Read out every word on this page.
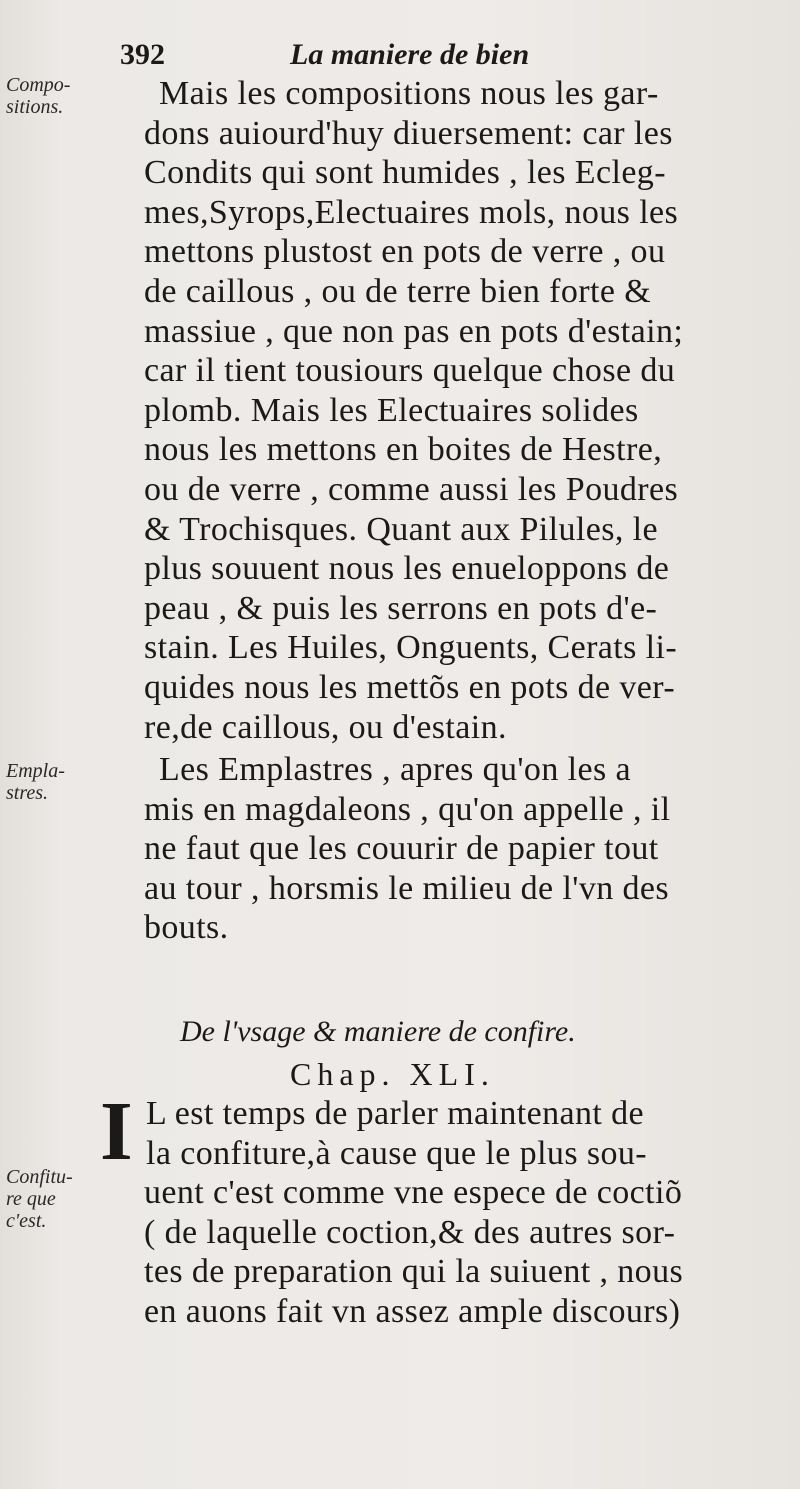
392	La maniere de bien
Compo-
sitions.
Empla-
stres.
Confitu-
re que
c'est.
Mais les compositions nous les gar-
dons auiourd'huy diuersement: car les
Condits qui sont humides , les Ecleg-
mes,Syrops,Electuaires mols, nous les
mettons plustost en pots de verre , ou
de caillous , ou de terre bien forte &
massiue , que non pas en pots d'estain;
car il tient tousiours quelque chose du
plomb. Mais les Electuaires solides
nous les mettons en boites de Hestre,
ou de verre , comme aussi les Poudres
& Trochisques. Quant aux Pilules, le
plus souuent nous les enueloppons de
peau , & puis les serrons en pots d'e-
stain. Les Huiles, Onguents, Cerats li-
quides nous les mettõs en pots de ver-
re,de caillous, ou d'estain.
Les Emplastres , apres qu'on les a
mis en magdaleons , qu'on appelle , il
ne faut que les couurir de papier tout
au tour , horsmis le milieu de l'vn des
bouts.
De l'vsage & maniere de confire.
Chap. XLI.
I L est temps de parler maintenant de
la confiture,à cause que le plus sou-
uent c'est comme vne espece de coctiõ
( de laquelle coction,& des autres sor-
tes de preparation qui la suiuent , nous
en auons fait vn assez ample discours)
